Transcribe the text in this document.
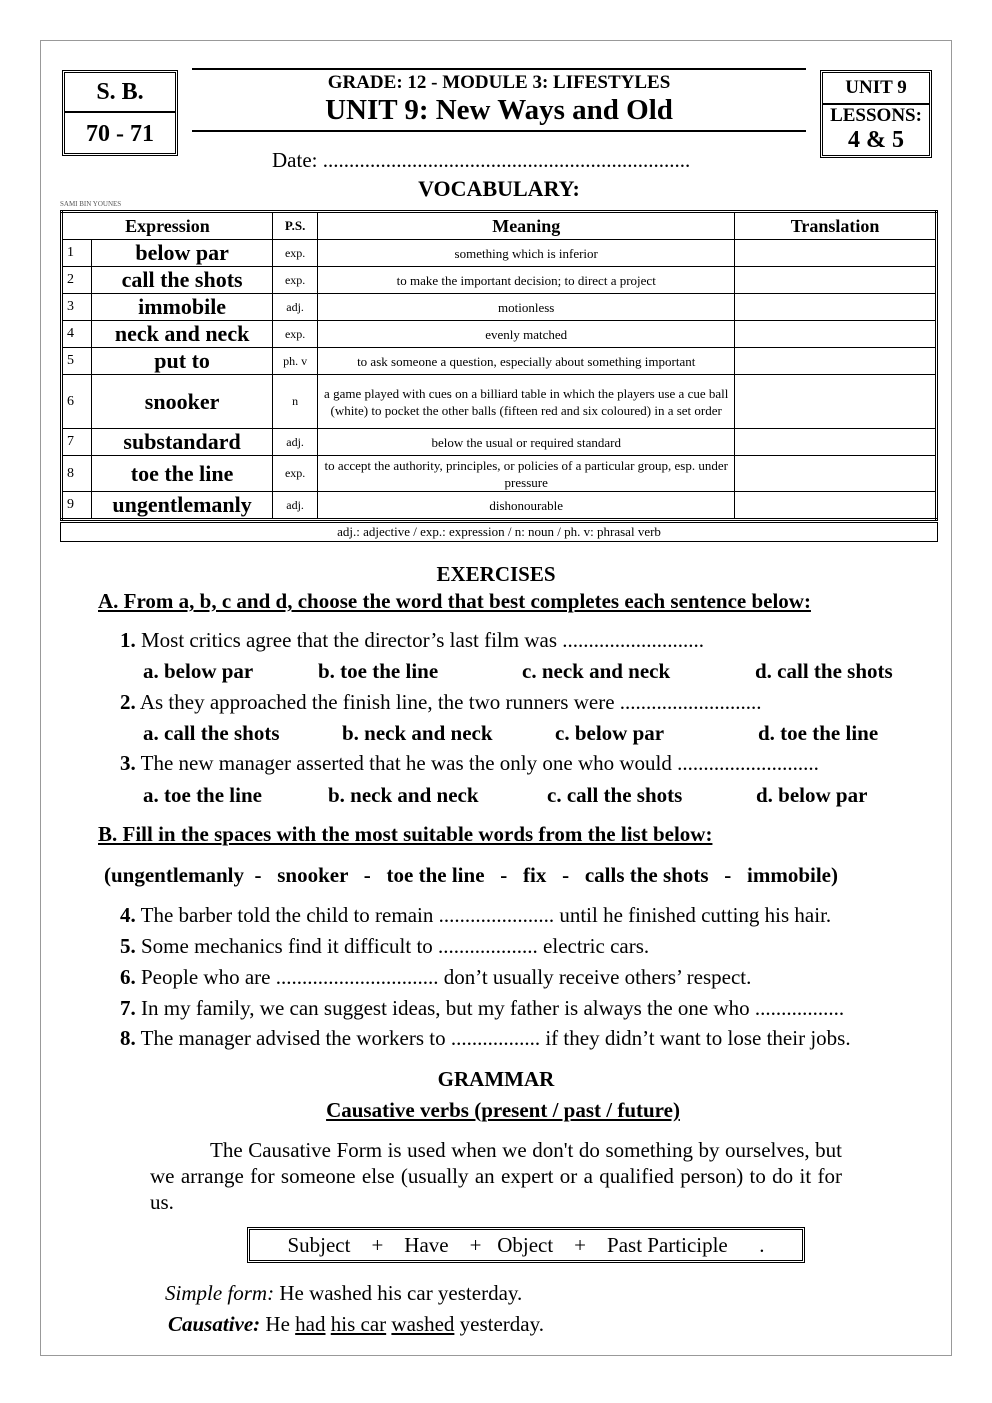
S. B.
70 - 71
GRADE: 12 - MODULE 3: LIFESTYLES
UNIT 9: New Ways and Old
UNIT 9
LESSONS:
4 & 5
Date: ......................................................................
VOCABULARY:
SAMI BIN YOUNES
Expression		P.S.	Meaning	Translation
1	below par	exp.	something which is inferior	
2	call the shots	exp.	to make the important decision; to direct a project	
3	immobile	adj.	motionless	
4	neck and neck	exp.	evenly matched	
5	put to	ph. v	to ask someone a question, especially about something important	
6	snooker	n	a game played with cues on a billiard table in which the players use a cue ball (white) to pocket the other balls (fifteen red and six coloured) in a set order	
7	substandard	adj.	below the usual or required standard	
8	toe the line	exp.	to accept the authority, principles, or policies of a particular group, esp. under pressure	
9	ungentlemanly	adj.	dishonourable	
adj.: adjective / exp.: expression / n: noun / ph. v: phrasal verb
EXERCISES
A. From a, b, c and d, choose the word that best completes each sentence below:
1. Most critics agree that the director’s last film was ...........................
a. below par	b. toe the line	c. neck and neck	d. call the shots
2. As they approached the finish line, the two runners were ...........................
a. call the shots	b. neck and neck	c. below par	d. toe the line
3. The new manager asserted that he was the only one who would ...........................
a. toe the line	b. neck and neck	c. call the shots	d. below par
B. Fill in the spaces with the most suitable words from the list below:
(ungentlemanly  -   snooker   -   toe the line   -   fix   -   calls the shots   -   immobile)
4. The barber told the child to remain ...................... until he finished cutting his hair.
5. Some mechanics find it difficult to ................... electric cars.
6. People who are ............................... don’t usually receive others’ respect.
7. In my family, we can suggest ideas, but my father is always the one who .................
8. The manager advised the workers to ................. if they didn’t want to lose their jobs.
GRAMMAR
Causative verbs (present / past / future)
The Causative Form is used when we don't do something by ourselves, but we arrange for someone else (usually an expert or a qualified person) to do it for us.
Subject    +    Have    +   Object    +    Past Participle      .
Simple form: He washed his car yesterday.
Causative: He had his car washed yesterday.
